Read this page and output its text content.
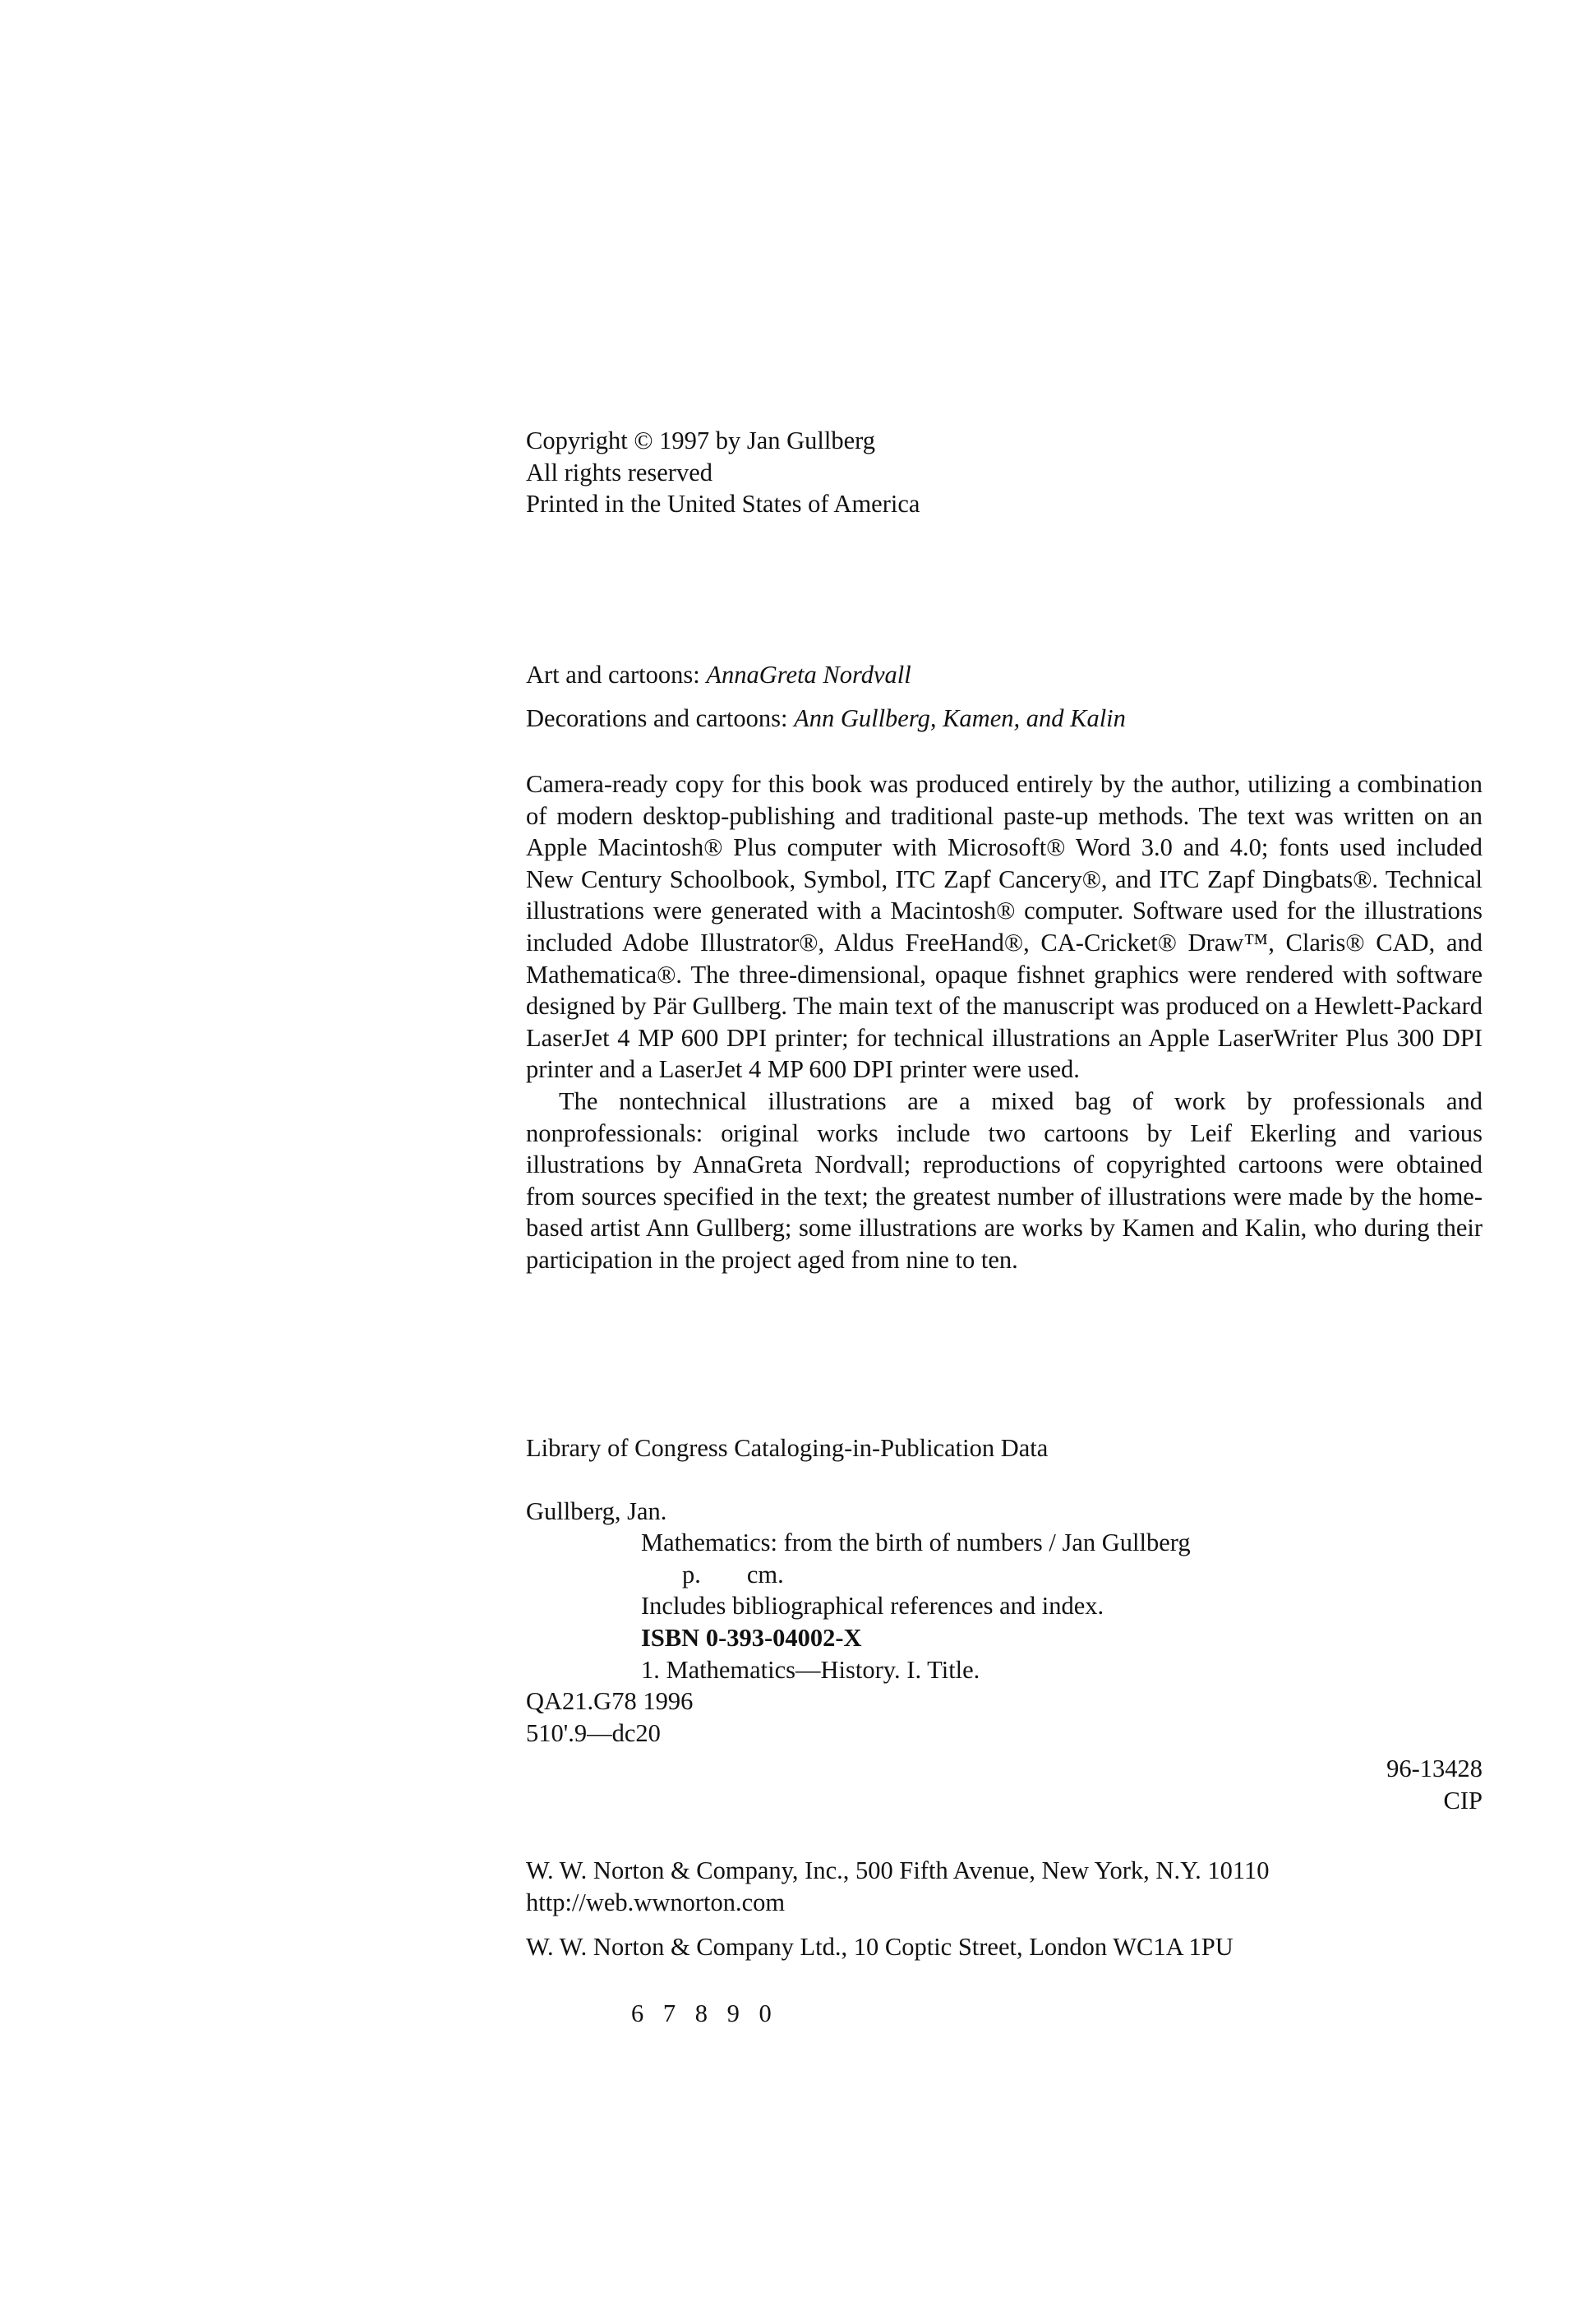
Copyright © 1997 by Jan Gullberg
All rights reserved
Printed in the United States of America
Art and cartoons: AnnaGreta Nordvall
Decorations and cartoons: Ann Gullberg, Kamen, and Kalin
Camera-ready copy for this book was produced entirely by the author, utilizing a combination of modern desktop-publishing and traditional paste-up methods. The text was written on an Apple Macintosh® Plus computer with Microsoft® Word 3.0 and 4.0; fonts used included New Century Schoolbook, Symbol, ITC Zapf Cancery®, and ITC Zapf Dingbats®. Technical illustrations were generated with a Macintosh® computer. Software used for the illustrations included Adobe Illustrator®, Aldus FreeHand®, CA-Cricket® Draw™, Claris® CAD, and Mathematica®. The three-dimensional, opaque fishnet graphics were rendered with software designed by Pär Gullberg. The main text of the manuscript was produced on a Hewlett-Packard LaserJet 4 MP 600 DPI printer; for technical illustrations an Apple LaserWriter Plus 300 DPI printer and a LaserJet 4 MP 600 DPI printer were used.
The nontechnical illustrations are a mixed bag of work by professionals and nonprofessionals: original works include two cartoons by Leif Ekerling and various illustrations by AnnaGreta Nordvall; reproductions of copyrighted cartoons were obtained from sources specified in the text; the greatest number of illustrations were made by the home-based artist Ann Gullberg; some illustrations are works by Kamen and Kalin, who during their participation in the project aged from nine to ten.
Library of Congress Cataloging-in-Publication Data
Gullberg, Jan.
Mathematics: from the birth of numbers / Jan Gullberg
p. cm.
Includes bibliographical references and index.
ISBN 0-393-04002-X
1. Mathematics—History. I. Title.
QA21.G78 1996
510'.9—dc20
96-13428
CIP
W. W. Norton & Company, Inc., 500 Fifth Avenue, New York, N.Y. 10110
http://web.wwnorton.com
W. W. Norton & Company Ltd., 10 Coptic Street, London WC1A 1PU
6 7 8 9 0
